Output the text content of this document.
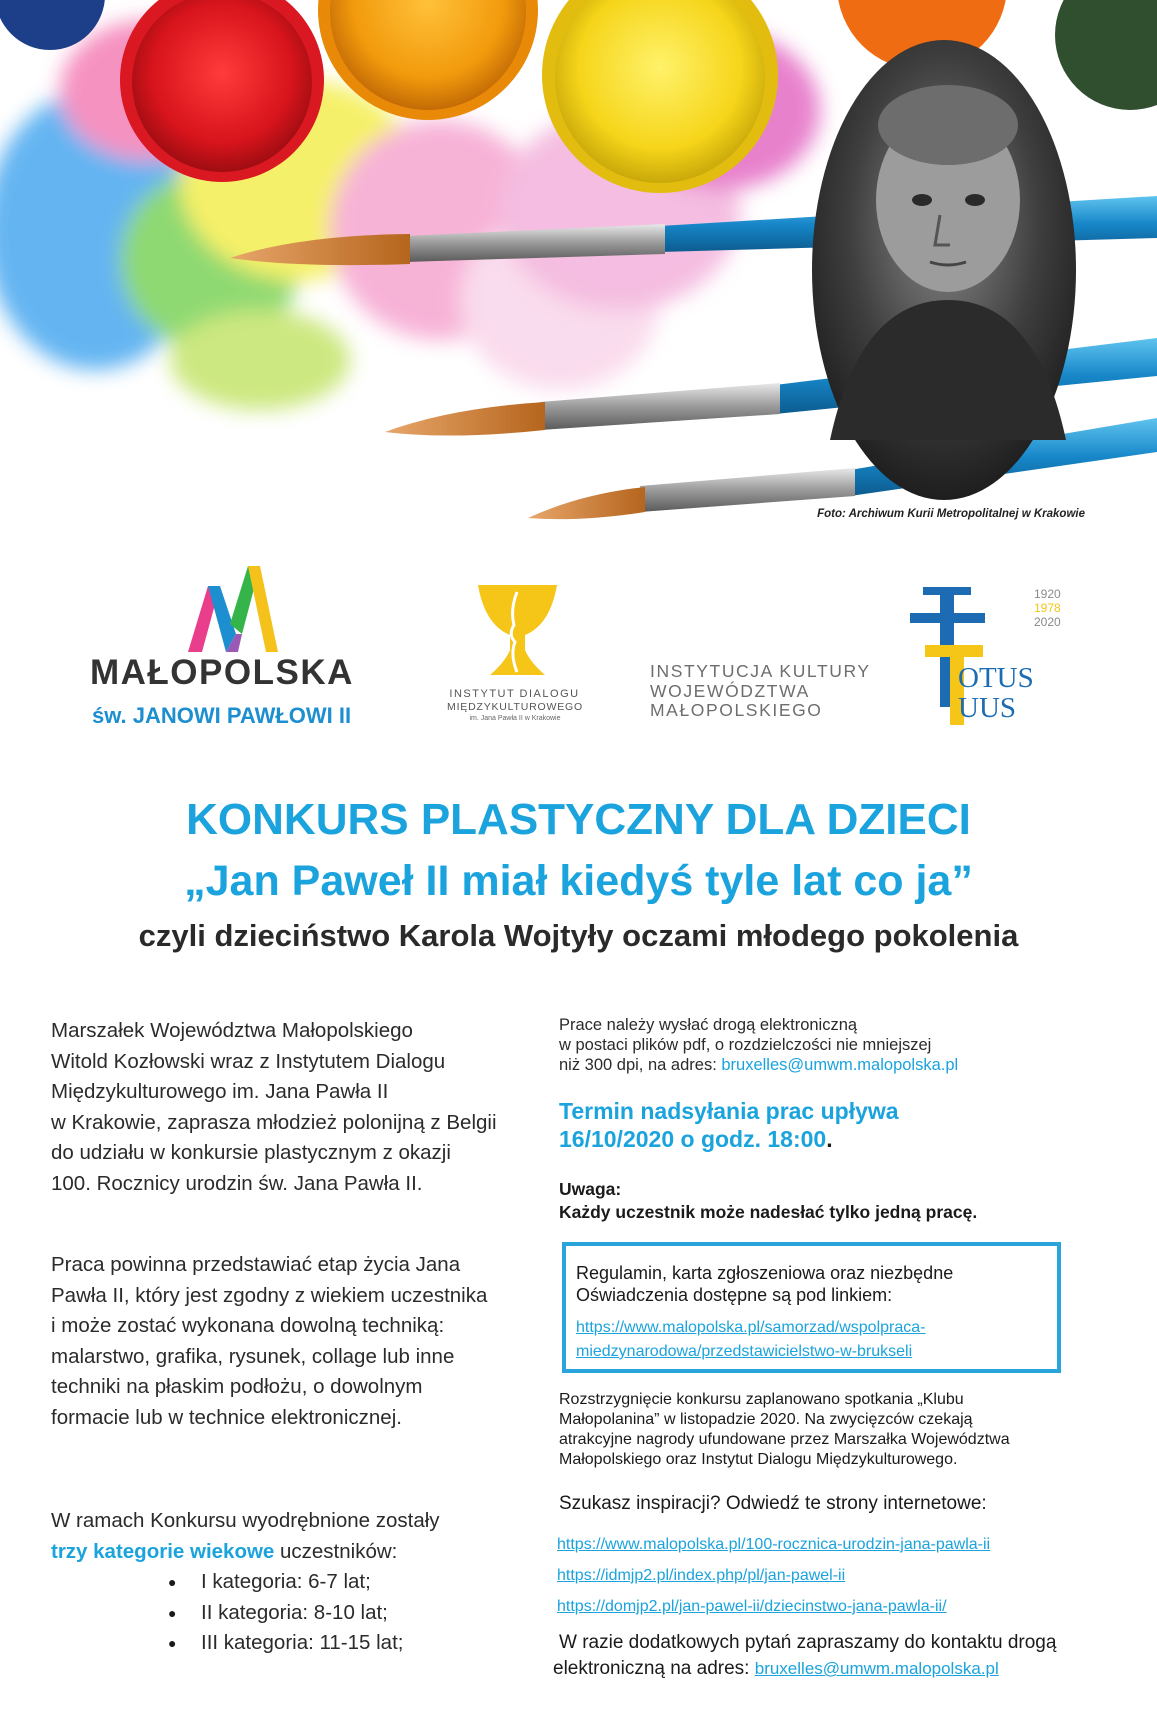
Foto: Archiwum Kurii Metropolitalnej w Krakowie
MAŁOPOLSKA
św. JANOWI PAWŁOWI II
INSTYTUT DIALOGU
MIĘDZYKULTUROWEGO
im. Jana Pawła II w Krakowie
INSTYTUCJA KULTURY
WOJEWÓDZTWA
MAŁOPOLSKIEGO
1920
1978
2020
OTUS
UUS
KONKURS PLASTYCZNY DLA DZIECI
„Jan Paweł II miał kiedyś tyle lat co ja”
czyli dzieciństwo Karola Wojtyły oczami młodego pokolenia
Marszałek Województwa Małopolskiego
Witold Kozłowski wraz z Instytutem Dialogu
Międzykulturowego im. Jana Pawła II
w Krakowie, zaprasza młodzież polonijną z Belgii
do udziału w konkursie plastycznym z okazji
100. Rocznicy urodzin św. Jana Pawła II.
Praca powinna przedstawiać etap życia Jana
Pawła II, który jest zgodny z wiekiem uczestnika
i może zostać wykonana dowolną techniką:
malarstwo, grafika, rysunek, collage lub inne
techniki na płaskim podłożu, o dowolnym
formacie lub w technice elektronicznej.
W ramach Konkursu wyodrębnione zostały
trzy kategorie wiekowe uczestników:
● I kategoria: 6-7 lat;
● II kategoria: 8-10 lat;
● III kategoria: 11-15 lat;
Prace należy wysłać drogą elektroniczną
w postaci plików pdf, o rozdzielczości nie mniejszej
niż 300 dpi, na adres: bruxelles@umwm.malopolska.pl
Termin nadsyłania prac upływa
16/10/2020 o godz. 18:00.
Uwaga:
Każdy uczestnik może nadesłać tylko jedną pracę.
Regulamin, karta zgłoszeniowa oraz niezbędne
Oświadczenia dostępne są pod linkiem:
https://www.malopolska.pl/samorzad/wspolpraca-
miedzynarodowa/przedstawicielstwo-w-brukseli
Rozstrzygnięcie konkursu zaplanowano spotkania „Klubu
Małopolanina” w listopadzie 2020. Na zwycięzców czekają
atrakcyjne nagrody ufundowane przez Marszałka Województwa
Małopolskiego oraz Instytut Dialogu Międzykulturowego.
Szukasz inspiracji? Odwiedź te strony internetowe:
https://www.malopolska.pl/100-rocznica-urodzin-jana-pawla-ii
https://idmjp2.pl/index.php/pl/jan-pawel-ii
https://domjp2.pl/jan-pawel-ii/dziecinstwo-jana-pawla-ii/
W razie dodatkowych pytań zapraszamy do kontaktu drogą
elektroniczną na adres: bruxelles@umwm.malopolska.pl
